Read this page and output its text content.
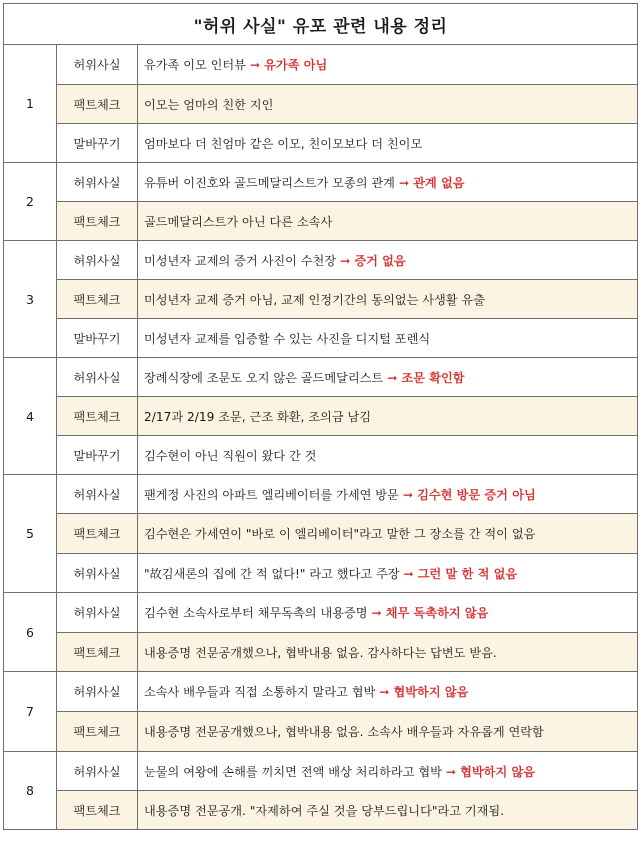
"허위 사실" 유포 관련 내용 정리		
1	허위사실	유가족 이모 인터뷰 ➞ 유가족 아님
	팩트체크	이모는 엄마의 친한 지인
	말바꾸기	엄마보다 더 친엄마 같은 이모, 친이모보다 더 친이모
2	허위사실	유튜버 이진호와 골드메달리스트가 모종의 관계 ➞ 관계 없음
	팩트체크	골드메달리스트가 아닌 다른 소속사
3	허위사실	미성년자 교제의 증거 사진이 수천장 ➞ 증거 없음
	팩트체크	미성년자 교제 증거 아님, 교제 인정기간의 동의없는 사생활 유출
	말바꾸기	미성년자 교제를 입증할 수 있는 사진을 디지털 포렌식
4	허위사실	장례식장에 조문도 오지 않은 골드메달리스트 ➞ 조문 확인함
	팩트체크	2/17과 2/19 조문, 근조 화환, 조의금 남김
	말바꾸기	김수현이 아닌 직원이 왔다 간 것
5	허위사실	팬게정 사진의 아파트 엘리베이터를 가세연 방문 ➞ 김수현 방문 증거 아님
	팩트체크	김수현은 가세연이 "바로 이 엘리베이터"라고 말한 그 장소를 간 적이 없음
	허위사실	"故김새론의 집에 간 적 없다!" 라고 했다고 주장 ➞ 그런 말 한 적 없음
6	허위사실	김수현 소속사로부터 채무독촉의 내용증명 ➞ 채무 독촉하지 않음
	팩트체크	내용증명 전문공개했으나, 협박내용 없음. 감사하다는 답변도 받음.
7	허위사실	소속사 배우들과 직접 소통하지 말라고 협박 ➞ 협박하지 않음
	팩트체크	내용증명 전문공개했으나, 협박내용 없음. 소속사 배우들과 자유롭게 연락함
8	허위사실	눈물의 여왕에 손해를 끼치면 전액 배상 처리하라고 협박 ➞ 협박하지 않음
	팩트체크	내용증명 전문공개. "자제하여 주실 것을 당부드립니다"라고 기재됨.
